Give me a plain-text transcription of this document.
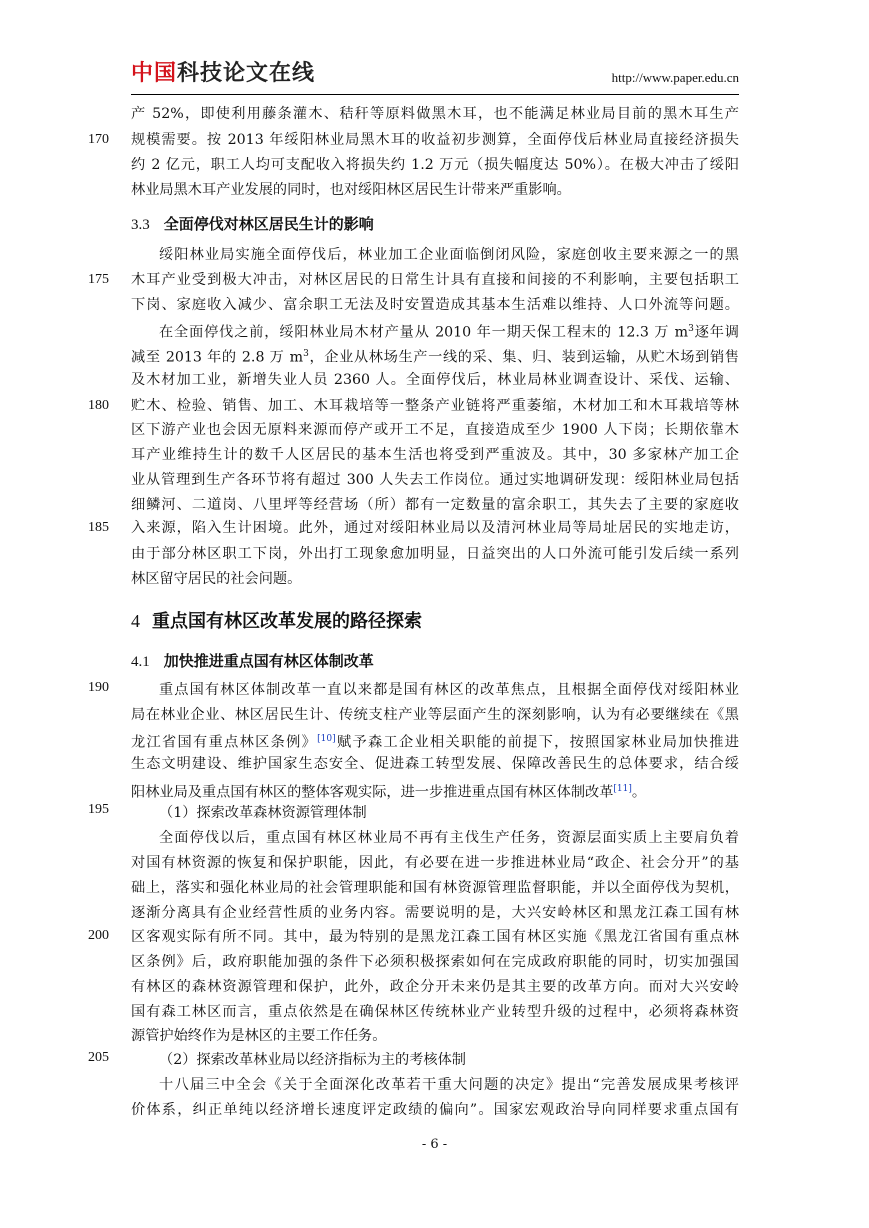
中国科技论文在线	http://www.paper.edu.cn
170
175
180
185
190
195
200
205
产 52%，即使利用藤条灌木、秸秆等原料做黑木耳，也不能满足林业局目前的黑木耳生产
规模需要。按 2013 年绥阳林业局黑木耳的收益初步测算，全面停伐后林业局直接经济损失
约 2 亿元，职工人均可支配收入将损失约 1.2 万元（损失幅度达 50%）。在极大冲击了绥阳
林业局黑木耳产业发展的同时，也对绥阳林区居民生计带来严重影响。
3.3 全面停伐对林区居民生计的影响
绥阳林业局实施全面停伐后，林业加工企业面临倒闭风险，家庭创收主要来源之一的黑
木耳产业受到极大冲击，对林区居民的日常生计具有直接和间接的不利影响，主要包括职工
下岗、家庭收入减少、富余职工无法及时安置造成其基本生活难以维持、人口外流等问题。
在全面停伐之前，绥阳林业局木材产量从 2010 年一期天保工程末的 12.3 万 $m^3$逐年调
减至 2013 年的 2.8 万 $m^3$，企业从林场生产一线的采、集、归、装到运输，从贮木场到销售
及木材加工业，新增失业人员 2360 人。全面停伐后，林业局林业调查设计、采伐、运输、
贮木、检验、销售、加工、木耳栽培等一整条产业链将严重萎缩，木材加工和木耳栽培等林
区下游产业也会因无原料来源而停产或开工不足，直接造成至少 1900 人下岗；长期依靠木
耳产业维持生计的数千人区居民的基本生活也将受到严重波及。其中，30 多家林产加工企
业从管理到生产各环节将有超过 300 人失去工作岗位。通过实地调研发现：绥阳林业局包括
细鳞河、二道岗、八里坪等经营场（所）都有一定数量的富余职工，其失去了主要的家庭收
入来源，陷入生计困境。此外，通过对绥阳林业局以及清河林业局等局址居民的实地走访，
由于部分林区职工下岗，外出打工现象愈加明显，日益突出的人口外流可能引发后续一系列
林区留守居民的社会问题。
4 重点国有林区改革发展的路径探索
4.1 加快推进重点国有林区体制改革
重点国有林区体制改革一直以来都是国有林区的改革焦点，且根据全面停伐对绥阳林业
局在林业企业、林区居民生计、传统支柱产业等层面产生的深刻影响，认为有必要继续在《黑
龙江省国有重点林区条例》[10]赋予森工企业相关职能的前提下，按照国家林业局加快推进
生态文明建设、维护国家生态安全、促进森工转型发展、保障改善民生的总体要求，结合绥
阳林业局及重点国有林区的整体客观实际，进一步推进重点国有林区体制改革[11]。
（1）探索改革森林资源管理体制
全面停伐以后，重点国有林区林业局不再有主伐生产任务，资源层面实质上主要肩负着
对国有林资源的恢复和保护职能，因此，有必要在进一步推进林业局“政企、社会分开”的基
础上，落实和强化林业局的社会管理职能和国有林资源管理监督职能，并以全面停伐为契机，
逐渐分离具有企业经营性质的业务内容。需要说明的是，大兴安岭林区和黑龙江森工国有林
区客观实际有所不同。其中，最为特别的是黑龙江森工国有林区实施《黑龙江省国有重点林
区条例》后，政府职能加强的条件下必须积极探索如何在完成政府职能的同时，切实加强国
有林区的森林资源管理和保护，此外，政企分开未来仍是其主要的改革方向。而对大兴安岭
国有森工林区而言，重点依然是在确保林区传统林业产业转型升级的过程中，必须将森林资
源管护始终作为是林区的主要工作任务。
（2）探索改革林业局以经济指标为主的考核体制
十八届三中全会《关于全面深化改革若干重大问题的决定》提出“完善发展成果考核评
价体系，纠正单纯以经济增长速度评定政绩的偏向”。国家宏观政治导向同样要求重点国有
- 6 -
